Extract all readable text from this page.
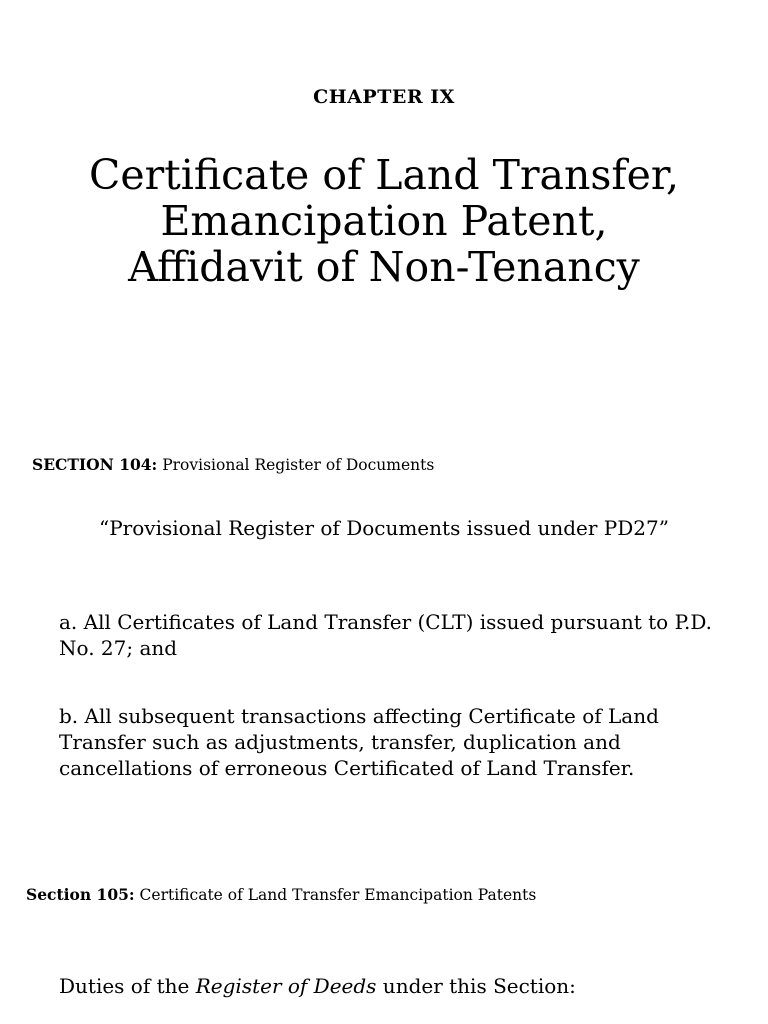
CHAPTER IX
Certificate of Land Transfer, Emancipation Patent, Affidavit of Non-Tenancy
SECTION 104: Provisional Register of Documents
“Provisional Register of Documents issued under PD27”
a. All Certificates of Land Transfer (CLT) issued pursuant to P.D. No. 27; and
b. All subsequent transactions affecting Certificate of Land Transfer such as adjustments, transfer, duplication and cancellations of erroneous Certificated of Land Transfer.
Section 105: Certificate of Land Transfer Emancipation Patents
Duties of the Register of Deeds under this Section:
